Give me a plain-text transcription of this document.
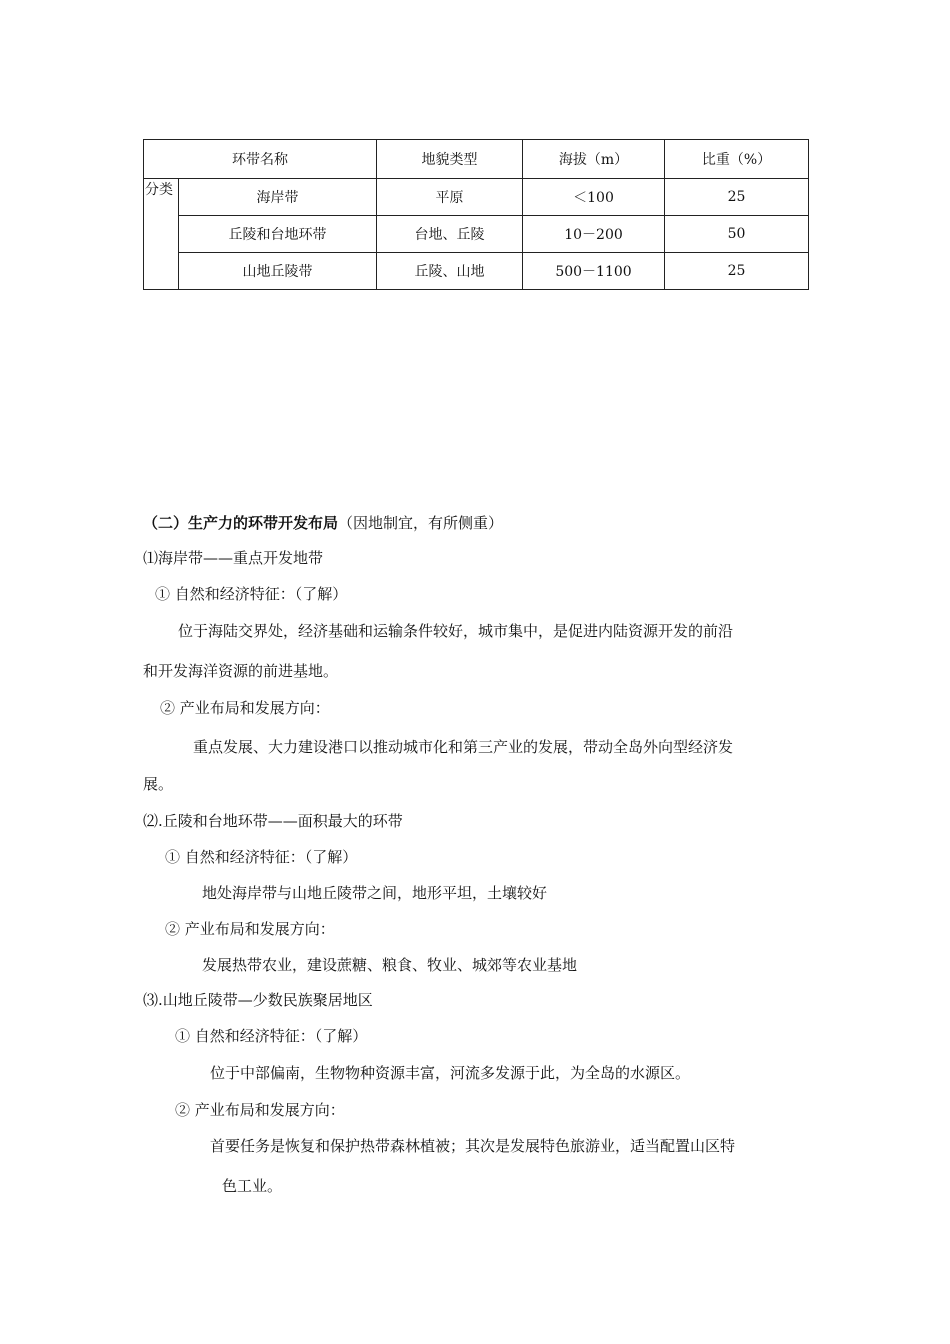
环带名称		地貌类型	海拔（m）	比重（%）
分类	海岸带	平原	＜100	25
	丘陵和台地环带	台地、丘陵	10－200	50
	山地丘陵带	丘陵、山地	500－1100	25
（二）生产力的环带开发布局（因地制宜，有所侧重）
⑴海岸带——重点开发地带
① 自然和经济特征：（了解）
位于海陆交界处，经济基础和运输条件较好，城市集中，是促进内陆资源开发的前沿
和开发海洋资源的前进基地。
② 产业布局和发展方向：
重点发展、大力建设港口以推动城市化和第三产业的发展，带动全岛外向型经济发
展。
⑵.丘陵和台地环带——面积最大的环带
① 自然和经济特征：（了解）
地处海岸带与山地丘陵带之间，地形平坦，土壤较好
② 产业布局和发展方向：
发展热带农业，建设蔗糖、粮食、牧业、城郊等农业基地
⑶.山地丘陵带—少数民族聚居地区
① 自然和经济特征：（了解）
位于中部偏南，生物物种资源丰富，河流多发源于此，为全岛的水源区。
② 产业布局和发展方向：
首要任务是恢复和保护热带森林植被；其次是发展特色旅游业，适当配置山区特
色工业。
